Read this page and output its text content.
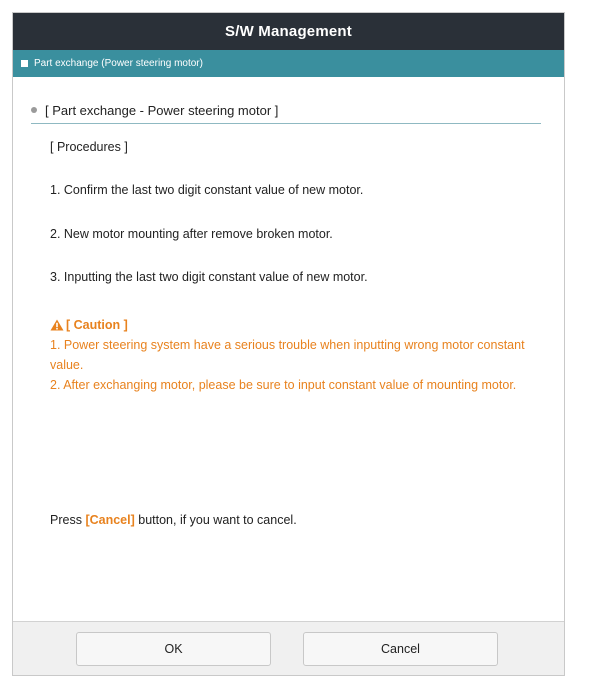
S/W Management
Part exchange (Power steering motor)
[ Part exchange - Power steering motor ]
[ Procedures ]
1. Confirm the last two digit constant value of new motor.
2. New motor mounting after remove broken motor.
3. Inputting the last two digit constant value of new motor.
[ Caution ]
1. Power steering system have a serious trouble when inputting wrong motor constant value.
2. After exchanging motor, please be sure to input constant value of mounting motor.
Press [Cancel] button, if you want to cancel.
OK	Cancel
